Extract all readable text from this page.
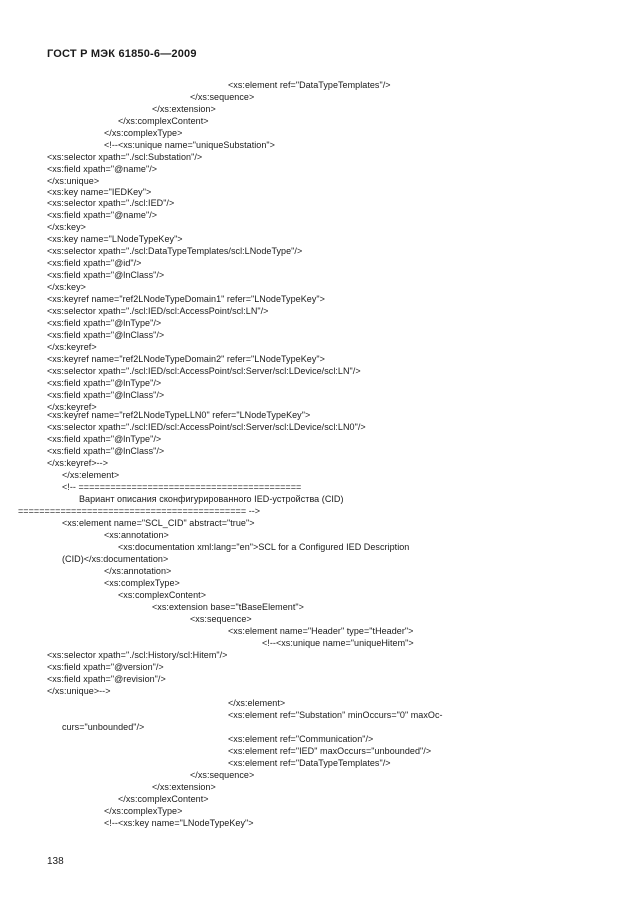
ГОСТ Р МЭК 61850-6—2009
<xs:element ref="DataTypeTemplates"/>
</xs:sequence>
</xs:extension>
</xs:complexContent>
</xs:complexType>
<!--<xs:unique name="uniqueSubstation">
<xs:selector xpath="./scl:Substation"/>
<xs:field xpath="@name"/>
</xs:unique>
<xs:key name="IEDKey">
<xs:selector xpath="./scl:IED"/>
<xs:field xpath="@name"/>
</xs:key>
<xs:key name="LNodeTypeKey">
<xs:selector xpath="./scl:DataTypeTemplates/scl:LNodeType"/>
<xs:field xpath="@id"/>
<xs:field xpath="@lnClass"/>
</xs:key>
<xs:keyref name="ref2LNodeTypeDomain1" refer="LNodeTypeKey">
<xs:selector xpath="./scl:IED/scl:AccessPoint/scl:LN"/>
<xs:field xpath="@lnType"/>
<xs:field xpath="@lnClass"/>
</xs:keyref>
<xs:keyref name="ref2LNodeTypeDomain2" refer="LNodeTypeKey">
<xs:selector xpath="./scl:IED/scl:AccessPoint/scl:Server/scl:LDevice/scl:LN"/>
<xs:field xpath="@lnType"/>
<xs:field xpath="@lnClass"/>
</xs:keyref>
<xs:keyref name="ref2LNodeTypeLLN0" refer="LNodeTypeKey">
<xs:selector xpath="./scl:IED/scl:AccessPoint/scl:Server/scl:LDevice/scl:LN0"/>
<xs:field xpath="@lnType"/>
<xs:field xpath="@lnClass"/>
</xs:keyref>-->
</xs:element>
<!-- ==========================================
Вариант описания сконфигурированного IED-устройства (CID)
=========================================== -->
<xs:element name="SCL_CID" abstract="true">
<xs:annotation>
<xs:documentation xml:lang="en">SCL for a Configured IED Description
(CID)</xs:documentation>
</xs:annotation>
<xs:complexType>
<xs:complexContent>
<xs:extension base="tBaseElement">
<xs:sequence>
<xs:element name="Header" type="tHeader">
<!--<xs:unique name="uniqueHitem">
<xs:selector xpath="./scl:History/scl:Hitem"/>
<xs:field xpath="@version"/>
<xs:field xpath="@revision"/>
</xs:unique>-->
</xs:element>
<xs:element ref="Substation" minOccurs="0" maxOc-
curs="unbounded"/>
<xs:element ref="Communication"/>
<xs:element ref="IED" maxOccurs="unbounded"/>
<xs:element ref="DataTypeTemplates"/>
</xs:sequence>
</xs:extension>
</xs:complexContent>
</xs:complexType>
<!--<xs:key name="LNodeTypeKey">
138
